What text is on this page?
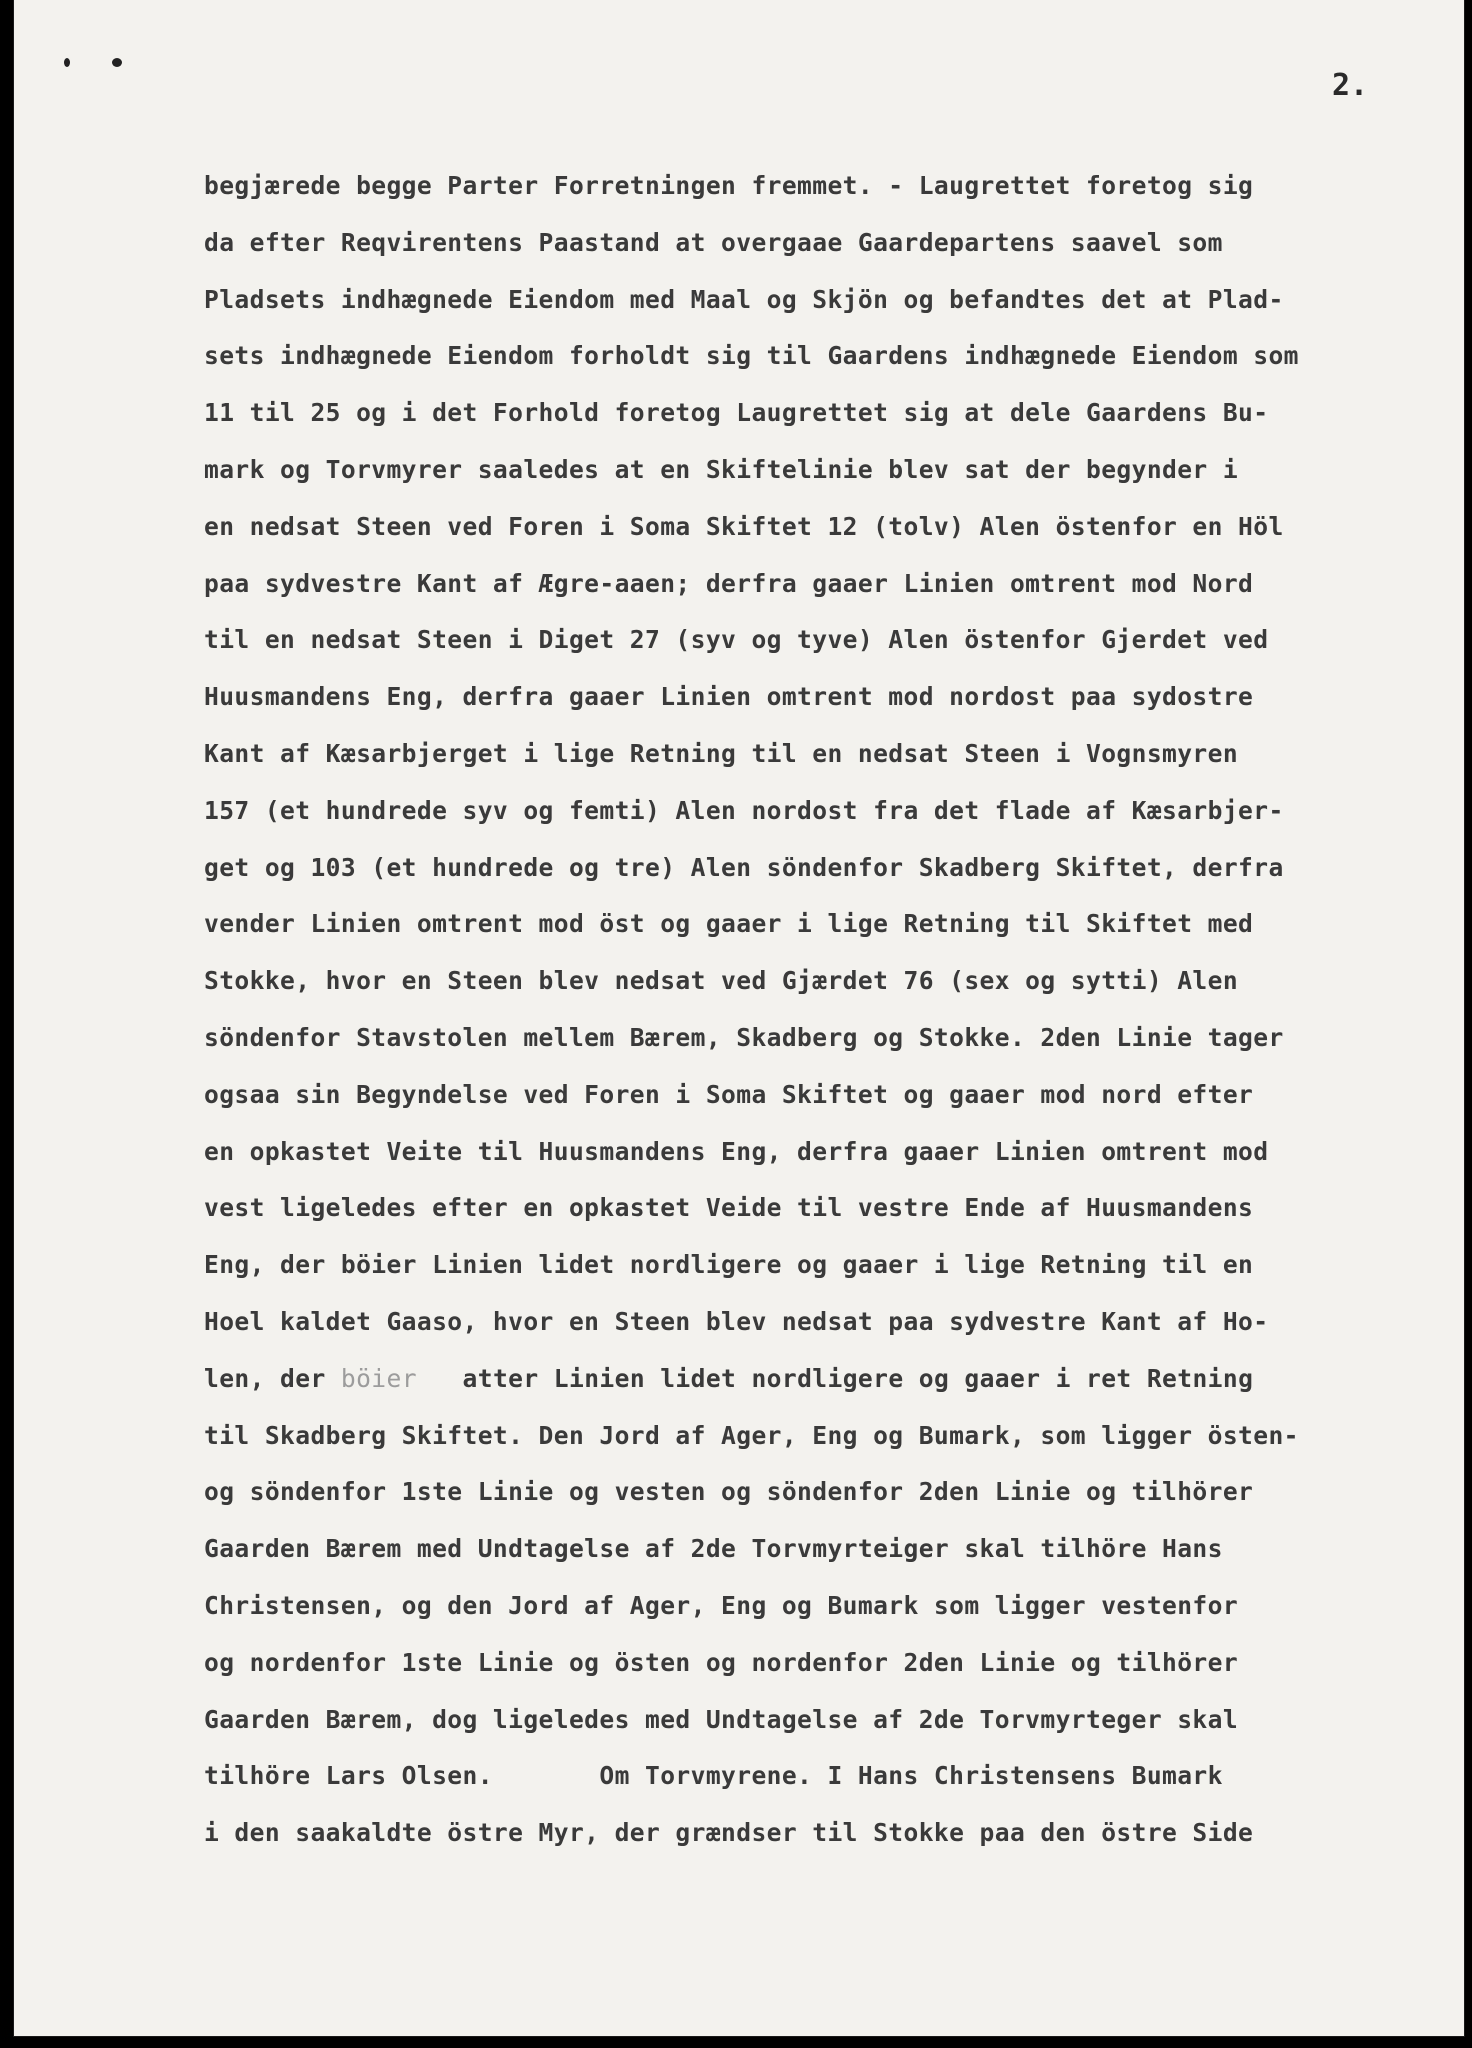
2.
begjærede begge Parter Forretningen fremmet. - Laugrettet foretog sig
da efter Reqvirentens Paastand at overgaae Gaardepartens saavel som
Pladsets indhægnede Eiendom med Maal og Skjön og befandtes det at Plad-
sets indhægnede Eiendom forholdt sig til Gaardens indhægnede Eiendom som
11 til 25 og i det Forhold foretog Laugrettet sig at dele Gaardens Bu-
mark og Torvmyrer saaledes at en Skiftelinie blev sat der begynder i
en nedsat Steen ved Foren i Soma Skiftet 12 (tolv) Alen östenfor en Höl
paa sydvestre Kant af Ægre-aaen; derfra gaaer Linien omtrent mod Nord
til en nedsat Steen i Diget 27 (syv og tyve) Alen östenfor Gjerdet ved
Huusmandens Eng, derfra gaaer Linien omtrent mod nordost paa sydostre
Kant af Kæsarbjerget i lige Retning til en nedsat Steen i Vognsmyren
157 (et hundrede syv og femti) Alen nordost fra det flade af Kæsarbjer-
get og 103 (et hundrede og tre) Alen söndenfor Skadberg Skiftet, derfra
vender Linien omtrent mod öst og gaaer i lige Retning til Skiftet med
Stokke, hvor en Steen blev nedsat ved Gjærdet 76 (sex og sytti) Alen
söndenfor Stavstolen mellem Bærem, Skadberg og Stokke. 2den Linie tager
ogsaa sin Begyndelse ved Foren i Soma Skiftet og gaaer mod nord efter
en opkastet Veite til Huusmandens Eng, derfra gaaer Linien omtrent mod
vest ligeledes efter en opkastet Veide til vestre Ende af Huusmandens
Eng, der böier Linien lidet nordligere og gaaer i lige Retning til en
Hoel kaldet Gaaso, hvor en Steen blev nedsat paa sydvestre Kant af Ho-
len, der böier   atter Linien lidet nordligere og gaaer i ret Retning
til Skadberg Skiftet. Den Jord af Ager, Eng og Bumark, som ligger östen-
og söndenfor 1ste Linie og vesten og söndenfor 2den Linie og tilhörer
Gaarden Bærem med Undtagelse af 2de Torvmyrteiger skal tilhöre Hans
Christensen, og den Jord af Ager, Eng og Bumark som ligger vestenfor
og nordenfor 1ste Linie og östen og nordenfor 2den Linie og tilhörer
Gaarden Bærem, dog ligeledes med Undtagelse af 2de Torvmyrteger skal
tilhöre Lars Olsen.       Om Torvmyrene. I Hans Christensens Bumark
i den saakaldte östre Myr, der grændser til Stokke paa den östre Side
